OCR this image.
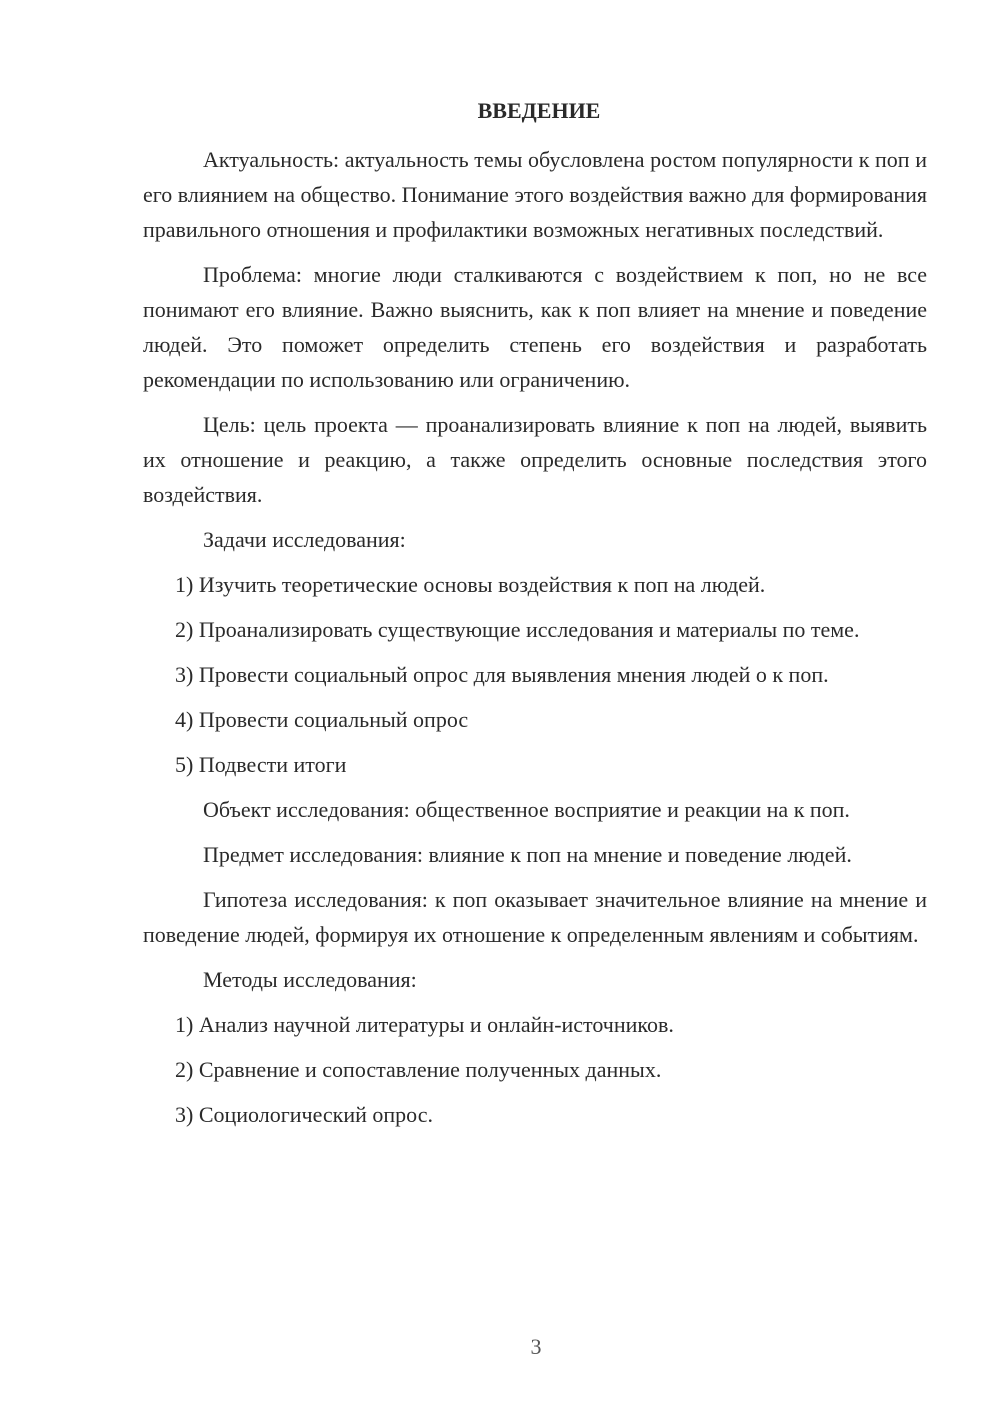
ВВЕДЕНИЕ

Актуальность: актуальность темы обусловлена ростом популярности к поп и его влиянием на общество. Понимание этого воздействия важно для формирования правильного отношения и профилактики возможных негативных последствий.

Проблема: многие люди сталкиваются с воздействием к поп, но не все понимают его влияние. Важно выяснить, как к поп влияет на мнение и поведение людей. Это поможет определить степень его воздействия и разработать рекомендации по использованию или ограничению.

Цель: цель проекта — проанализировать влияние к поп на людей, выявить их отношение и реакцию, а также определить основные последствия этого воздействия.

Задачи исследования:

1) Изучить теоретические основы воздействия к поп на людей.

2) Проанализировать существующие исследования и материалы по теме.

3) Провести социальный опрос для выявления мнения людей о к поп.

4) Провести социальный опрос

5) Подвести итоги

Объект исследования: общественное восприятие и реакции на к поп.

Предмет исследования: влияние к поп на мнение и поведение людей.

Гипотеза исследования: к поп оказывает значительное влияние на мнение и поведение людей, формируя их отношение к определенным явлениям и событиям.

Методы исследования:

1) Анализ научной литературы и онлайн-источников.

2) Сравнение и сопоставление полученных данных.

3) Социологический опрос.

3
